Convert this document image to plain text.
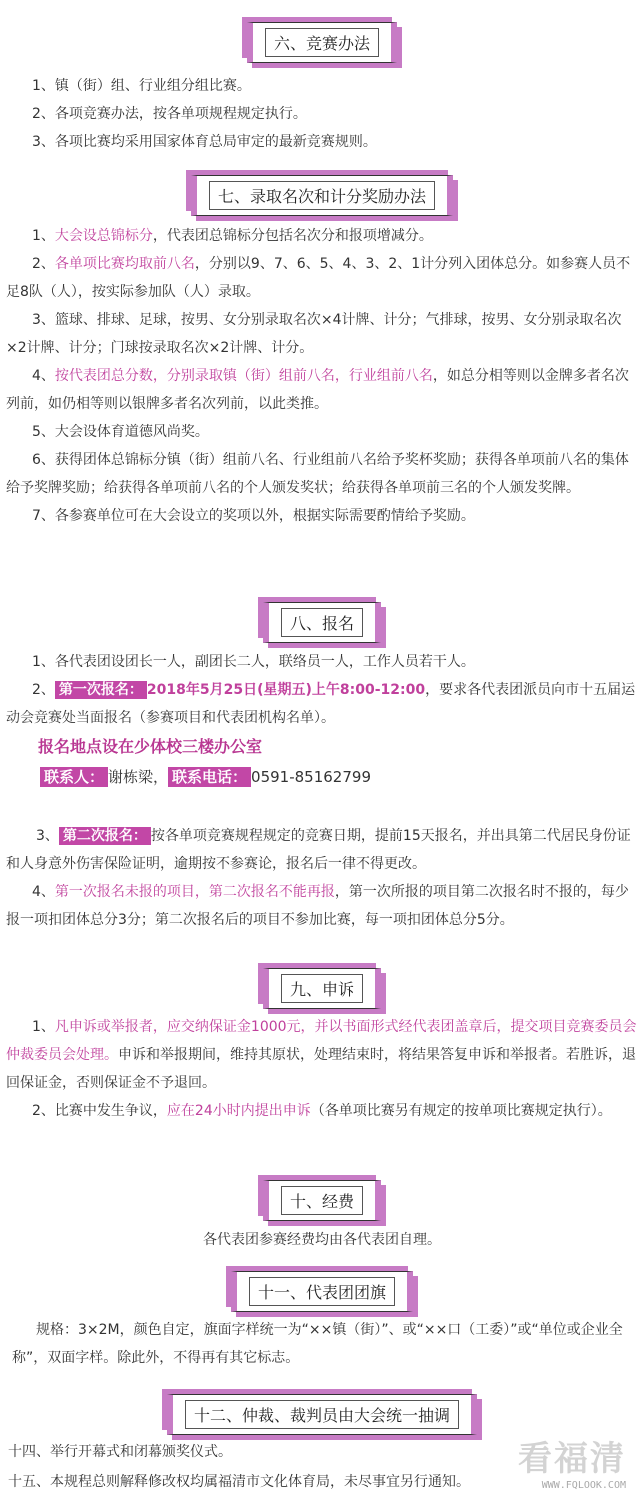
六、竞赛办法

1、镇（街）组、行业组分组比赛。

2、各项竞赛办法，按各单项规程规定执行。

3、各项比赛均采用国家体育总局审定的最新竞赛规则。

七、录取名次和计分奖励办法

1、大会设总锦标分，代表团总锦标分包括名次分和报项增减分。

2、各单项比赛均取前八名，分别以9、7、6、5、4、3、2、1计分列入团体总分。如参赛人员不足8队（人），按实际参加队（人）录取。

3、篮球、排球、足球，按男、女分别录取名次×4计牌、计分；气排球，按男、女分别录取名次×2计牌、计分；门球按录取名次×2计牌、计分。

4、按代表团总分数，分别录取镇（街）组前八名，行业组前八名，如总分相等则以金牌多者名次列前，如仍相等则以银牌多者名次列前，以此类推。

5、大会设体育道德风尚奖。

6、获得团体总锦标分镇（街）组前八名、行业组前八名给予奖杯奖励；获得各单项前八名的集体给予奖牌奖励；给获得各单项前八名的个人颁发奖状；给获得各单项前三名的个人颁发奖牌。

7、各参赛单位可在大会设立的奖项以外，根据实际需要酌情给予奖励。

八、报名

1、各代表团设团长一人，副团长二人，联络员一人，工作人员若干人。

2、 第一次报名： 2018年5月25日(星期五)上午8:00-12:00，要求各代表团派员向市十五届运动会竞赛处当面报名（参赛项目和代表团机构名单）。

报名地点设在少体校三楼办公室

联系人： 谢栋梁， 联系电话： 0591-85162799

3、 第二次报名： 按各单项竞赛规程规定的竞赛日期，提前15天报名，并出具第二代居民身份证和人身意外伤害保险证明，逾期按不参赛论，报名后一律不得更改。

4、第一次报名未报的项目，第二次报名不能再报，第一次所报的项目第二次报名时不报的，每少报一项扣团体总分3分；第二次报名后的项目不参加比赛，每一项扣团体总分5分。

九、申诉

1、凡申诉或举报者，应交纳保证金1000元，并以书面形式经代表团盖章后，提交项目竞赛委员会仲裁委员会处理。申诉和举报期间，维持其原状，处理结束时，将结果答复申诉和举报者。若胜诉，退回保证金，否则保证金不予退回。

2、比赛中发生争议，应在24小时内提出申诉（各单项比赛另有规定的按单项比赛规定执行）。

十、经费

各代表团参赛经费均由各代表团自理。

十一、代表团团旗

规格：3×2M，颜色自定，旗面字样统一为“××镇（街）”、或“××口（工委）”或“单位或企业全称”，双面字样。除此外，不得再有其它标志。

十二、仲裁、裁判员由大会统一抽调

十四、举行开幕式和闭幕颁奖仪式。

十五、本规程总则解释修改权均属福清市文化体育局，未尽事宜另行通知。

看福清
WWW.FQLOOK.COM
